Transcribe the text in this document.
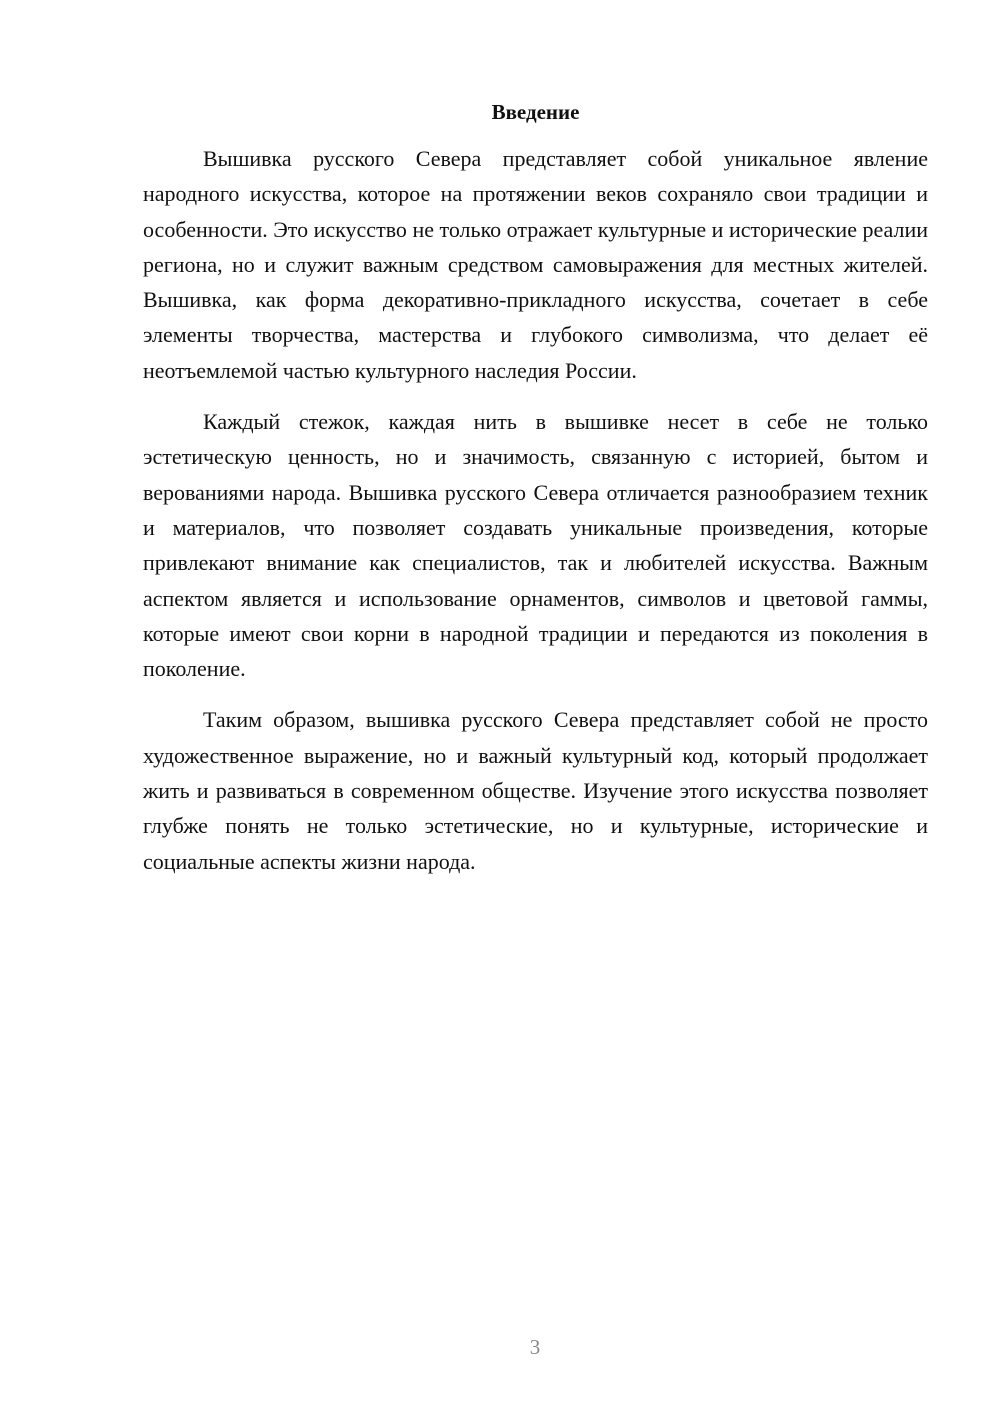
Введение

Вышивка русского Севера представляет собой уникальное явление народного искусства, которое на протяжении веков сохраняло свои традиции и особенности. Это искусство не только отражает культурные и исторические реалии региона, но и служит важным средством самовыражения для местных жителей. Вышивка, как форма декоративно-прикладного искусства, сочетает в себе элементы творчества, мастерства и глубокого символизма, что делает её неотъемлемой частью культурного наследия России.

Каждый стежок, каждая нить в вышивке несет в себе не только эстетическую ценность, но и значимость, связанную с историей, бытом и верованиями народа. Вышивка русского Севера отличается разнообразием техник и материалов, что позволяет создавать уникальные произведения, которые привлекают внимание как специалистов, так и любителей искусства. Важным аспектом является и использование орнаментов, символов и цветовой гаммы, которые имеют свои корни в народной традиции и передаются из поколения в поколение.

Таким образом, вышивка русского Севера представляет собой не просто художественное выражение, но и важный культурный код, который продолжает жить и развиваться в современном обществе. Изучение этого искусства позволяет глубже понять не только эстетические, но и культурные, исторические и социальные аспекты жизни народа.

3
